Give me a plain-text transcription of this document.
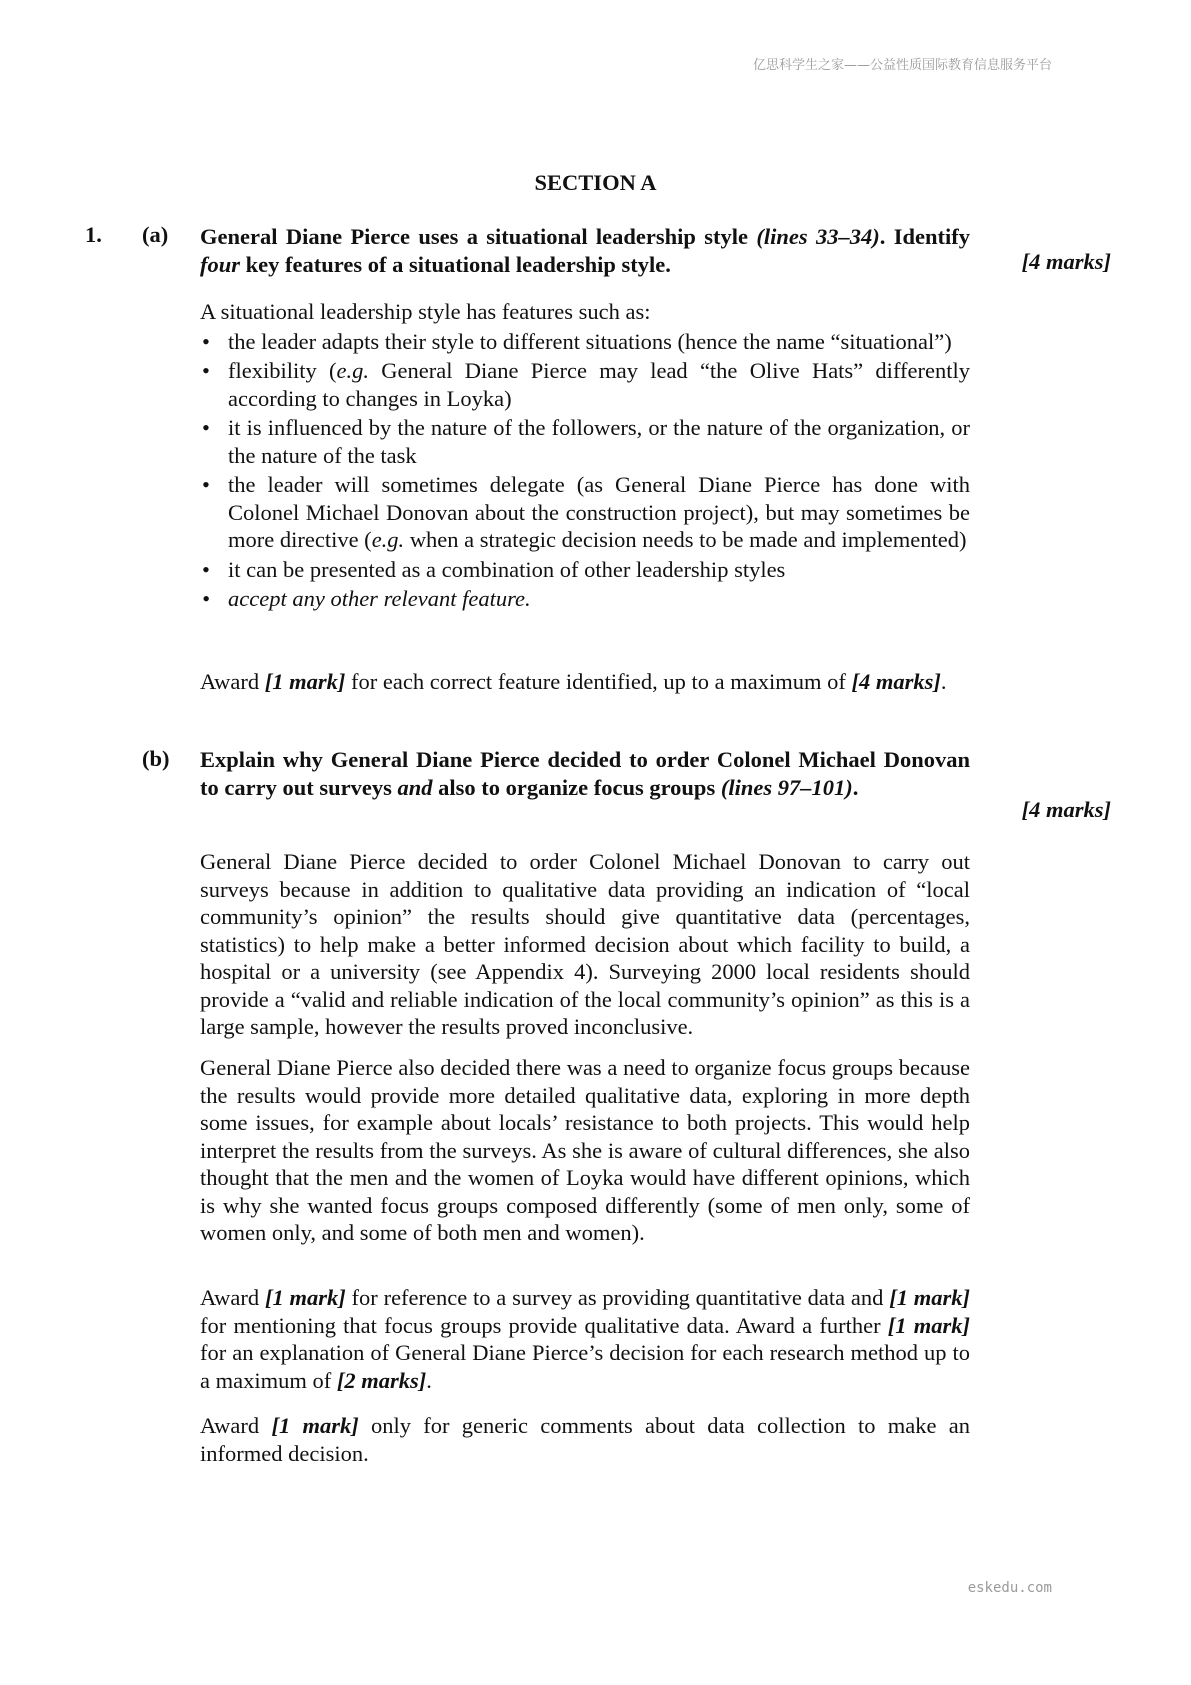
亿思科学生之家——公益性质国际教育信息服务平台
SECTION A
1. (a) General Diane Pierce uses a situational leadership style (lines 33–34). Identify four key features of a situational leadership style.	[4 marks]

A situational leadership style has features such as:

• the leader adapts their style to different situations (hence the name “situational”)
• flexibility (e.g. General Diane Pierce may lead “the Olive Hats” differently according to changes in Loyka)
• it is influenced by the nature of the followers, or the nature of the organization, or the nature of the task
• the leader will sometimes delegate (as General Diane Pierce has done with Colonel Michael Donovan about the construction project), but may sometimes be more directive (e.g. when a strategic decision needs to be made and implemented)
• it can be presented as a combination of other leadership styles
• accept any other relevant feature.

Award [1 mark] for each correct feature identified, up to a maximum of [4 marks].

(b) Explain why General Diane Pierce decided to order Colonel Michael Donovan to carry out surveys and also to organize focus groups (lines 97–101).

[4 marks]

General Diane Pierce decided to order Colonel Michael Donovan to carry out surveys because in addition to qualitative data providing an indication of “local community’s opinion” the results should give quantitative data (percentages, statistics) to help make a better informed decision about which facility to build, a hospital or a university (see Appendix 4). Surveying 2000 local residents should provide a “valid and reliable indication of the local community’s opinion” as this is a large sample, however the results proved inconclusive.

General Diane Pierce also decided there was a need to organize focus groups because the results would provide more detailed qualitative data, exploring in more depth some issues, for example about locals’ resistance to both projects. This would help interpret the results from the surveys. As she is aware of cultural differences, she also thought that the men and the women of Loyka would have different opinions, which is why she wanted focus groups composed differently (some of men only, some of women only, and some of both men and women).

Award [1 mark] for reference to a survey as providing quantitative data and [1 mark] for mentioning that focus groups provide qualitative data. Award a further [1 mark] for an explanation of General Diane Pierce’s decision for each research method up to a maximum of [2 marks].

Award [1 mark] only for generic comments about data collection to make an informed decision.

eskedu.com
